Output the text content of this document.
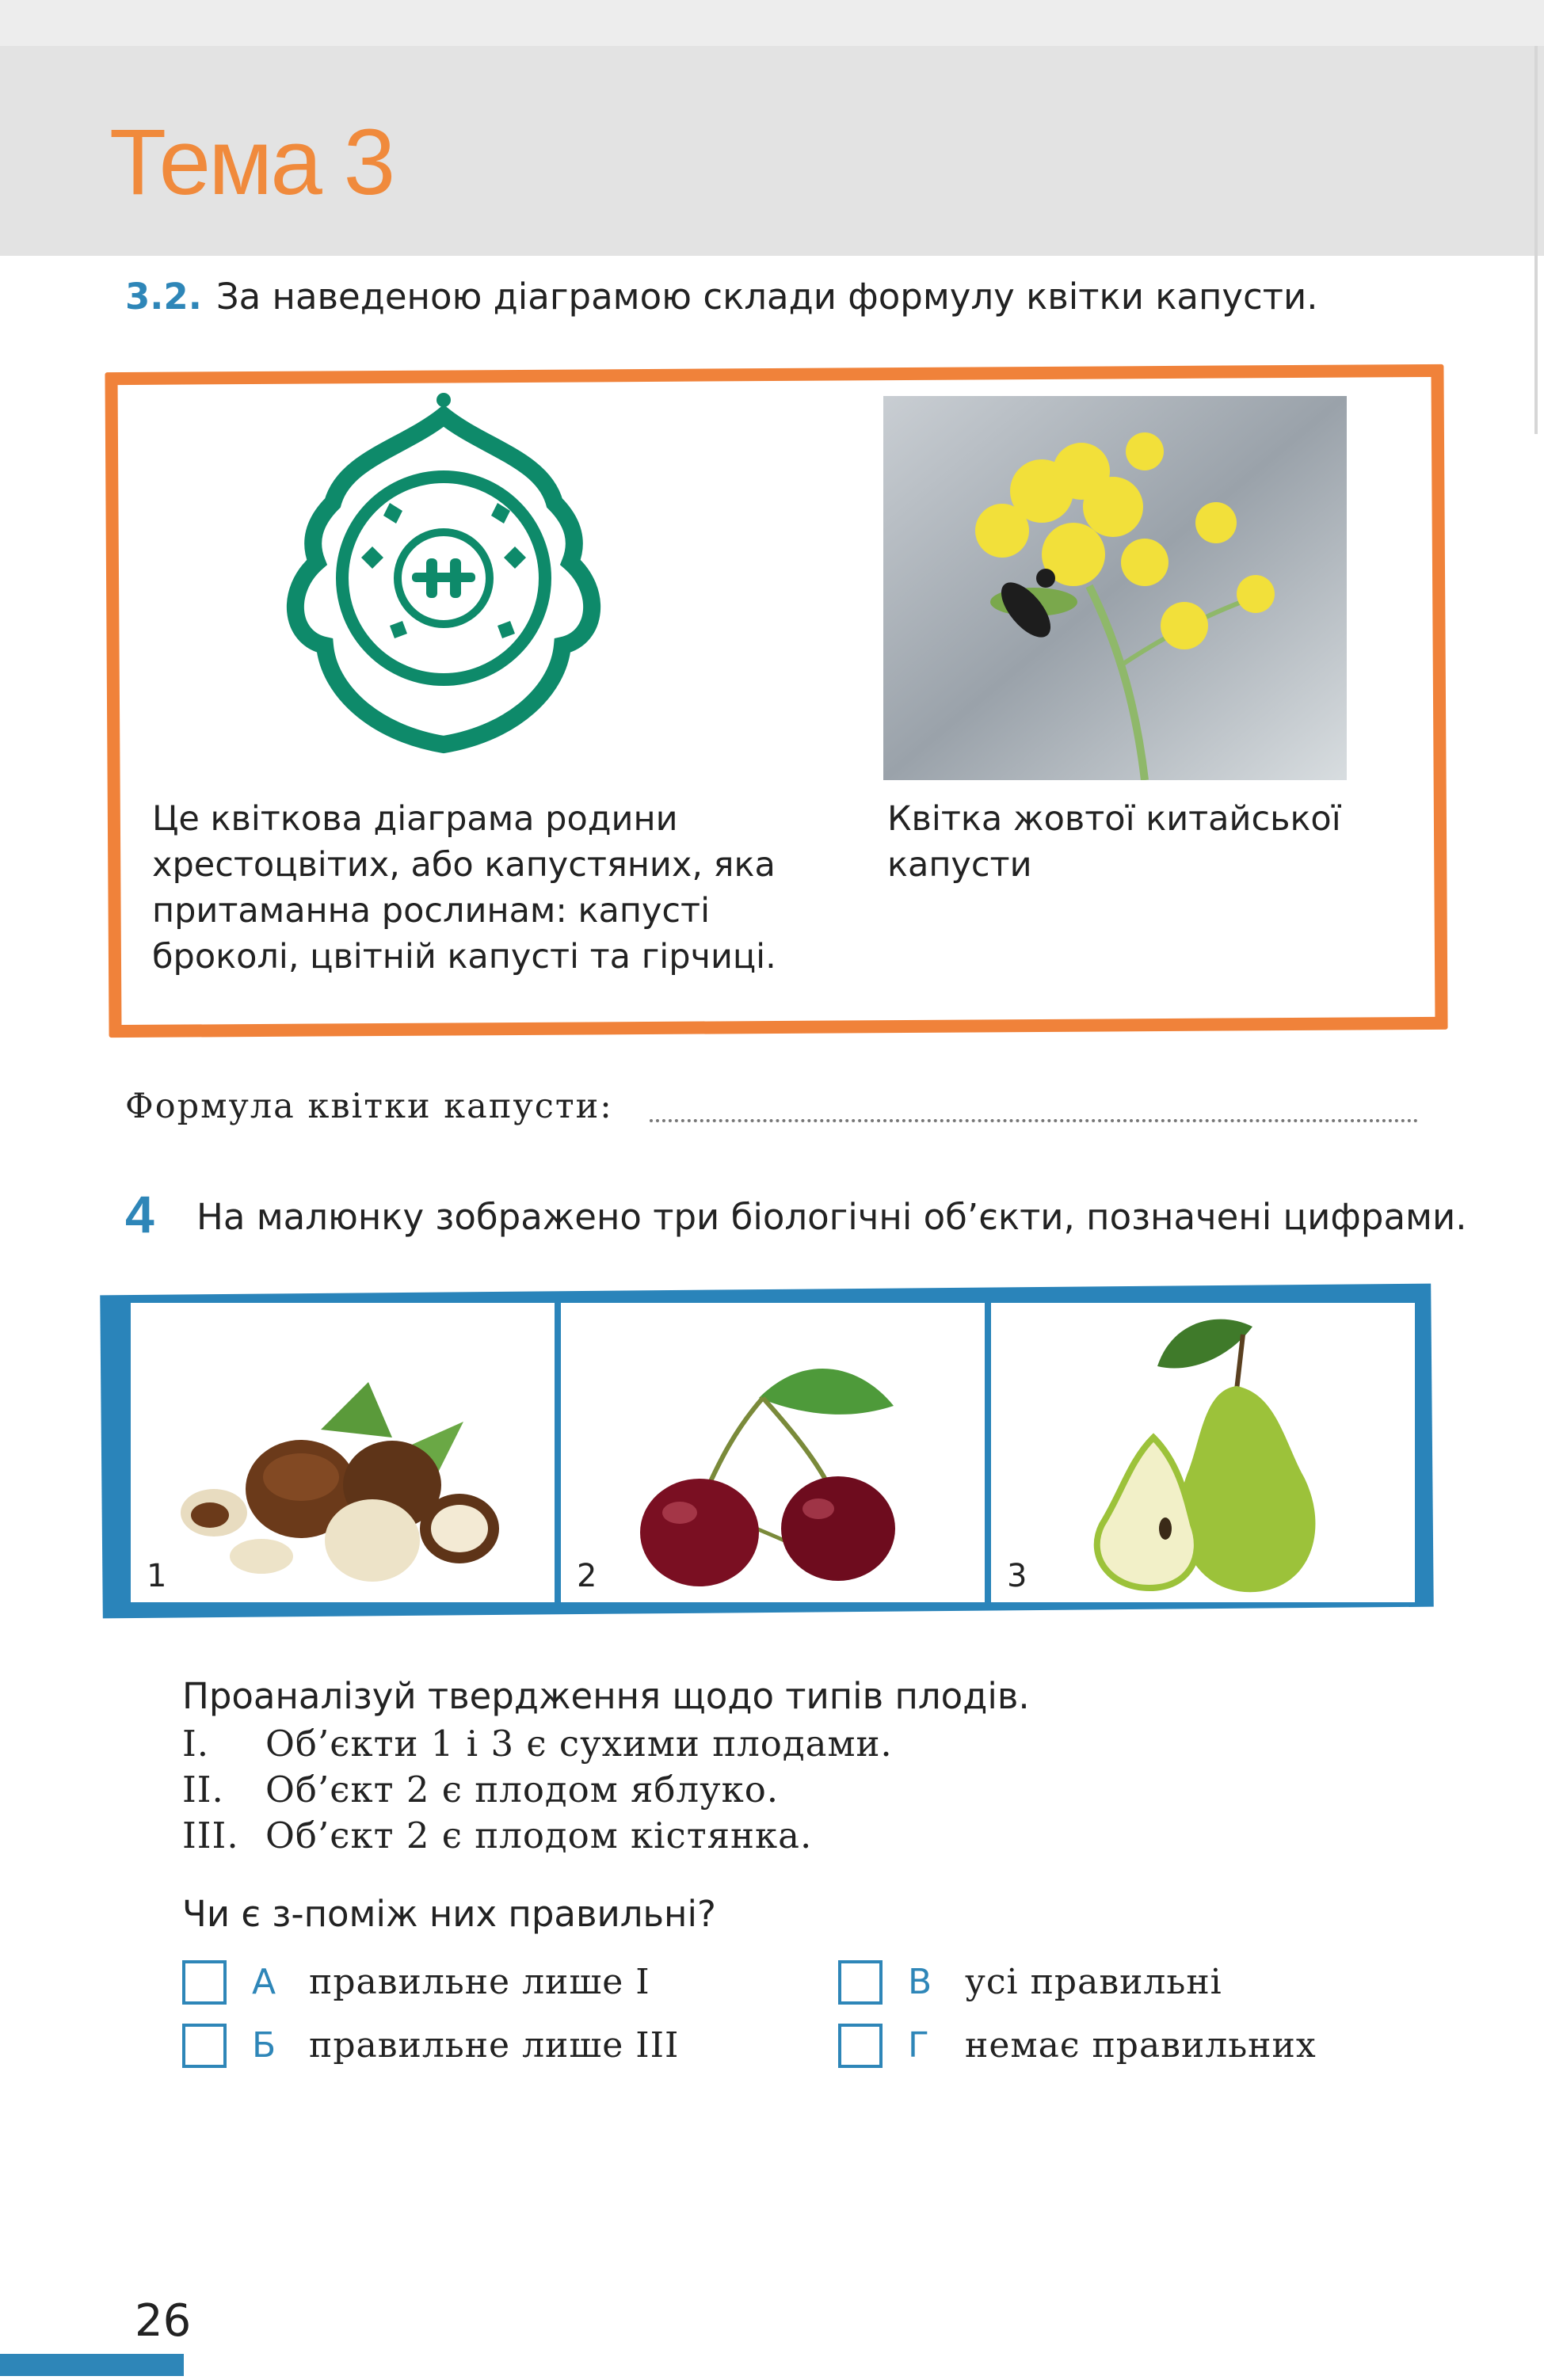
Тема 3
3.2. За наведеною діаграмою склади формулу квітки капусти.
Це квіткова діаграма родини хрестоцвітих, або капустяних, яка притаманна рослинам: капусті броколі, цвітній капусті та гірчиці.
Квітка жовтої китайської капусти
Формула квітки капусти:
4 На малюнку зображено три біологічні об’єкти, позначені цифрами.
1	2	3
Проаналізуй твердження щодо типів плодів.
I. Об’єкти 1 і 3 є сухими плодами.
II. Об’єкт 2 є плодом яблуко.
III. Об’єкт 2 є плодом кістянка.
Чи є з-поміж них правильні?
А правильне лише I
Б правильне лише III
В усі правильні
Г немає правильних
26
